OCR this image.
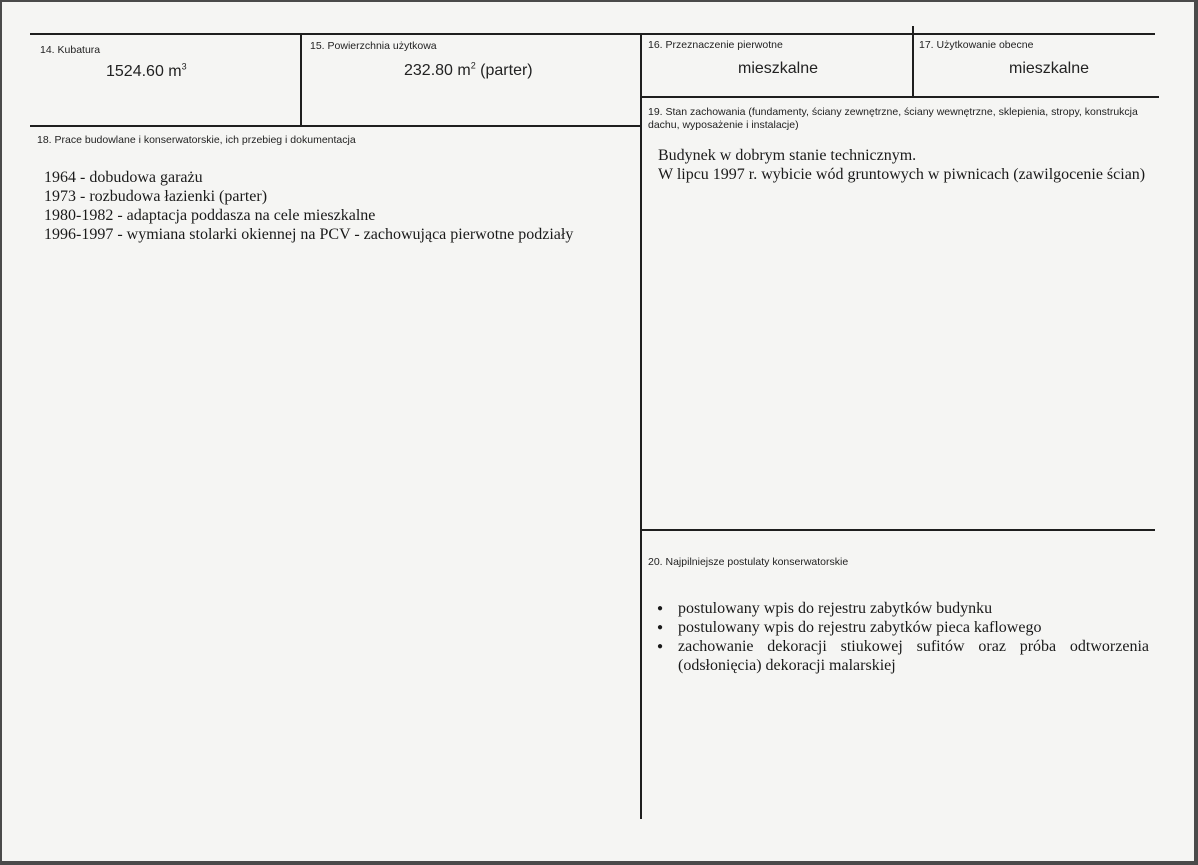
14. Kubatura
1524.60 $m^3$
15. Powierzchnia użytkowa
232.80 $m^2$ (parter)
16. Przeznaczenie pierwotne
mieszkalne
17. Użytkowanie obecne
mieszkalne
18. Prace budowlane i konserwatorskie, ich przebieg i dokumentacja
1964 - dobudowa garażu
1973 - rozbudowa łazienki (parter)
1980-1982 - adaptacja poddasza na cele mieszkalne
1996-1997 - wymiana stolarki okiennej na PCV - zachowująca pierwotne podziały
19. Stan zachowania (fundamenty, ściany zewnętrzne, ściany wewnętrzne, sklepienia, stropy, konstrukcja dachu, wyposażenie i instalacje)
Budynek w dobrym stanie technicznym.
W lipcu 1997 r. wybicie wód gruntowych w piwnicach (zawilgocenie ścian)
20. Najpilniejsze postulaty konserwatorskie
● postulowany wpis do rejestru zabytków budynku
● postulowany wpis do rejestru zabytków pieca kaflowego
● zachowanie dekoracji stiukowej sufitów oraz próba odtworzenia (odsłonięcia) dekoracji malarskiej
